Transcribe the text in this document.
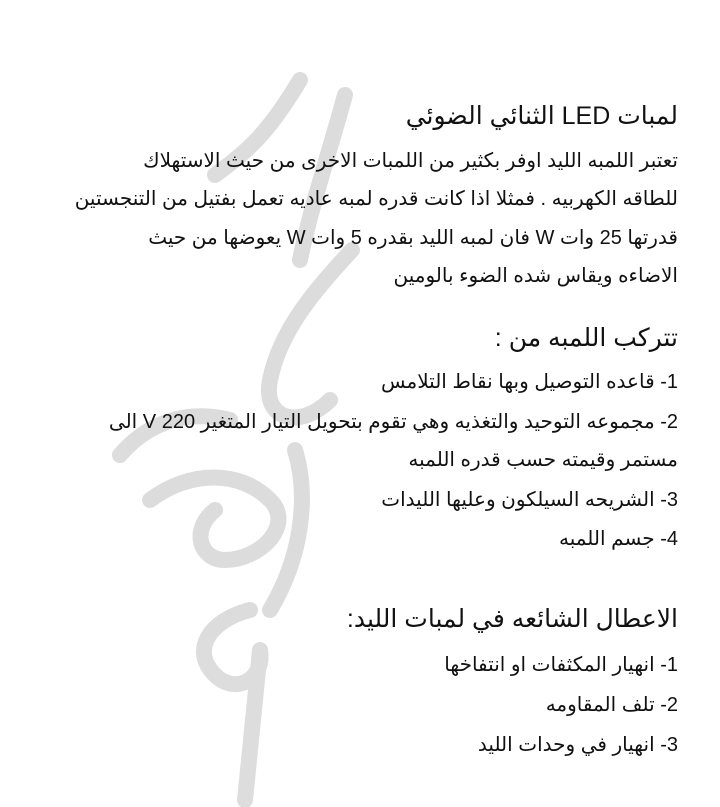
لمبات LED الثنائي الضوئي
تعتبر اللمبه الليد اوفر بكثير من اللمبات الاخرى من حيث الاستهلاك
للطاقه الكهربيه . فمثلا اذا كانت قدره لمبه عاديه تعمل بفتيل من التنجستين
قدرتها 25 وات W فان لمبه الليد بقدره 5 وات W يعوضها من حيث
الاضاءه ويقاس شده الضوء بالومين
تتركب اللمبه من :
1- قاعده التوصيل وبها نقاط التلامس
2- مجموعه التوحيد والتغذيه وهي تقوم بتحويل التيار المتغير V 220 الى
مستمر وقيمته حسب قدره اللمبه
3- الشريحه السيلكون وعليها الليدات
4- جسم اللمبه
الاعطال الشائعه في لمبات الليد:
1- انهيار المكثفات او انتفاخها
2- تلف المقاومه
3- انهيار في وحدات الليد
